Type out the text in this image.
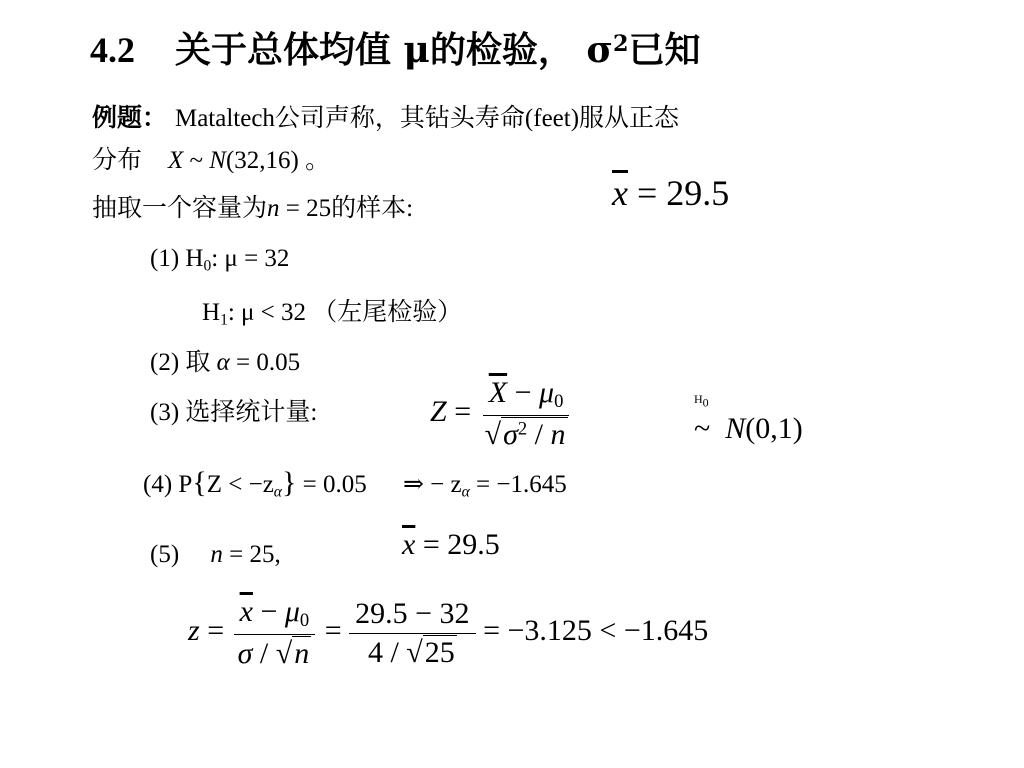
4.2 关于总体均值 μ的检验， $\sigma^2$已知
例题： Mataltech公司声称，其钻头寿命(feet)服从正态
分布 X ~ N(32,16) 。
抽取一个容量为n = 25的样本:	$\overline{x} = 29.5$
(1) $H_0$: μ = 32
$H_1$: μ < 32 （左尾检验）
(2) 取 α = 0.05
(3) 选择统计量:	$Z = \frac{\overline{X} - \mu_0}{√\sigma^2 / n}$	$H_0$
~ N(0,1)
(4) $P\{Z < -z_\alpha\} = 0.05$ ⇒ − $z_\alpha = -1.645$
(5)     n = 25,	$\overline{x} = 29.5$
$z = \frac{\overline{x} - \mu_0}{\sigma / √n} = \frac{29.5 - 32}{4 / √25} = -3.125 < -1.645$
